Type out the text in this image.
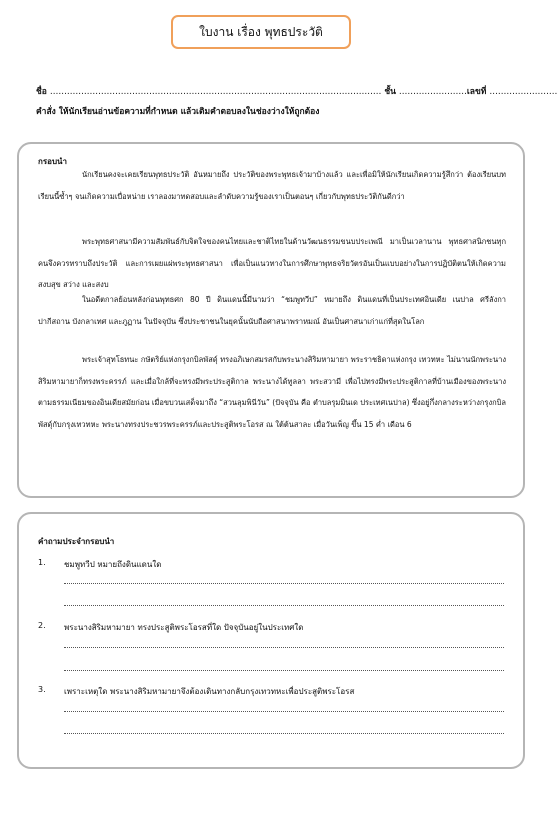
ใบงาน เรื่อง พุทธประวัติ
ชื่อ ……………………………………………………………………………………………………… ชั้น ……………………เลขที่ ……………………
คำสั่ง ให้นักเรียนอ่านข้อความที่กำหนด แล้วเติมคำตอบลงในช่องว่างให้ถูกต้อง
กรอบนำ
นักเรียนคงจะเคยเรียนพุทธประวัติ อันหมายถึง ประวัติของพระพุทธเจ้ามาบ้างแล้ว และเพื่อมิให้นักเรียนเกิดความรู้สึกว่า ต้องเรียนบทเรียนนี้ซ้ำๆ จนเกิดความเบื่อหน่าย เราลองมาทดสอบและลำดับความรู้ของเราเป็นตอนๆ เกี่ยวกับพุทธประวัติกันดีกว่า
พระพุทธศาสนามีความสัมพันธ์กับจิตใจของคนไทยและชาติไทยในด้านวัฒนธรรมขนบประเพณี มาเป็นเวลานาน พุทธศาสนิกชนทุกคนจึงควรทราบถึงประวัติ และการเผยแผ่พระพุทธศาสนา เพื่อเป็นแนวทางในการศึกษาพุทธจริยวัตรอันเป็นแบบอย่างในการปฏิบัติตนให้เกิดความสงบสุข สว่าง และสงบ
ในอดีตกาลย้อนหลังก่อนพุทธศก 80 ปี ดินแดนนี้มีนามว่า “ชมพูทวีป” หมายถึง ดินแดนที่เป็นประเทศอินเดีย เนปาล ศรีลังกา ปากีสถาน บังกลาเทศ และภูฏาน ในปัจจุบัน ซึ่งประชาชนในยุคนั้นนับถือศาสนาพราหมณ์ อันเป็นศาสนาเก่าแก่ที่สุดในโลก
พระเจ้าสุทโธทนะ กษัตริย์แห่งกรุงกบิลพัสดุ์ ทรงอภิเษกสมรสกับพระนางสิริมหามายา พระราชธิดาแห่งกรุง เทวทหะ ไม่นานนักพระนางสิริมหามายาก็ทรงพระครรภ์ และเมื่อใกล้ที่จะทรงมีพระประสูติกาล พระนางได้ทูลลา พระสวามี เพื่อไปทรงมีพระประสูติกาลที่บ้านเมืองของพระนางตามธรรมเนียมของอินเดียสมัยก่อน เมื่อขบวนเสด็จมาถึง “สวนลุมพินีวัน” (ปัจจุบัน คือ ตำบลรุมมินเด ประเทศเนปาล) ซึ่งอยู่กึ่งกลางระหว่างกรุงกบิลพัสดุ์กับกรุงเทวทหะ พระนางทรงประชวรพระครรภ์และประสูติพระโอรส ณ ใต้ต้นสาละ เมื่อวันเพ็ญ ขึ้น 15 ค่ำ เดือน 6
คำถามประจำกรอบนำ
1. ชมพูทวีป หมายถึงดินแดนใด
2. พระนางสิริมหามายา ทรงประสูติพระโอรสที่ใด ปัจจุบันอยู่ในประเทศใด
3. เพราะเหตุใด พระนางสิริมหามายาจึงต้องเดินทางกลับกรุงเทวทหะเพื่อประสูติพระโอรส
